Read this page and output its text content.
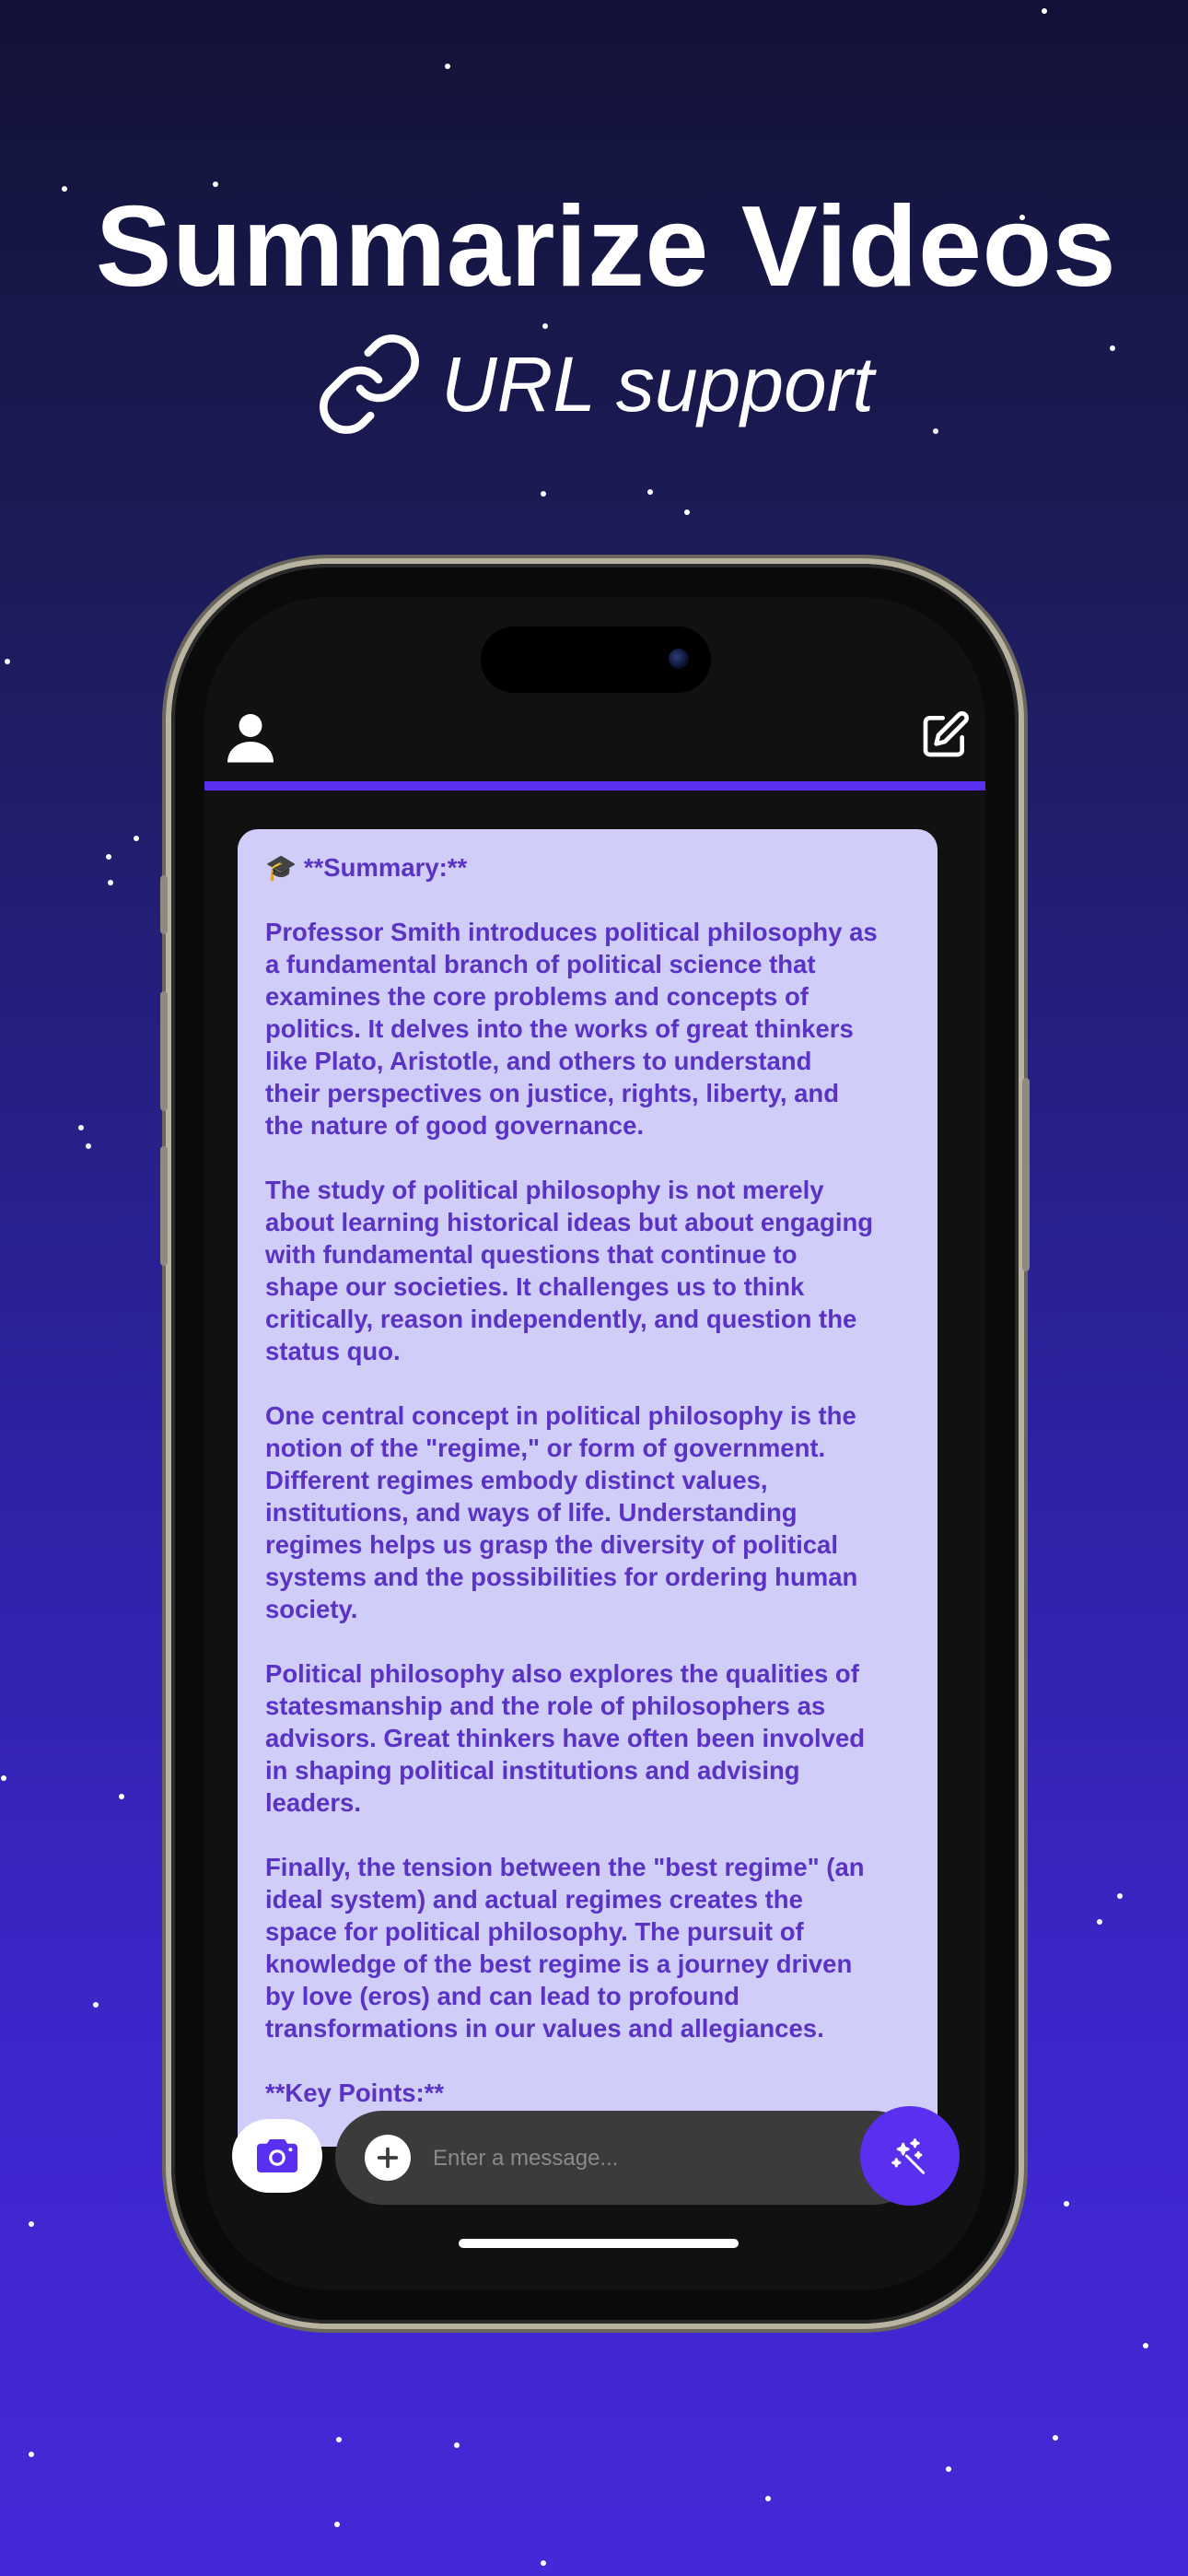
Summarize Videos
URL support
🎓 **Summary:**

Professor Smith introduces political philosophy as
a fundamental branch of political science that
examines the core problems and concepts of
politics. It delves into the works of great thinkers
like Plato, Aristotle, and others to understand
their perspectives on justice, rights, liberty, and
the nature of good governance.

The study of political philosophy is not merely
about learning historical ideas but about engaging
with fundamental questions that continue to
shape our societies. It challenges us to think
critically, reason independently, and question the
status quo.

One central concept in political philosophy is the
notion of the "regime," or form of government.
Different regimes embody distinct values,
institutions, and ways of life. Understanding
regimes helps us grasp the diversity of political
systems and the possibilities for ordering human
society.

Political philosophy also explores the qualities of
statesmanship and the role of philosophers as
advisors. Great thinkers have often been involved
in shaping political institutions and advising
leaders.

Finally, the tension between the "best regime" (an
ideal system) and actual regimes creates the
space for political philosophy. The pursuit of
knowledge of the best regime is a journey driven
by love (eros) and can lead to profound
transformations in our values and allegiances.

**Key Points:**
Enter a message...
